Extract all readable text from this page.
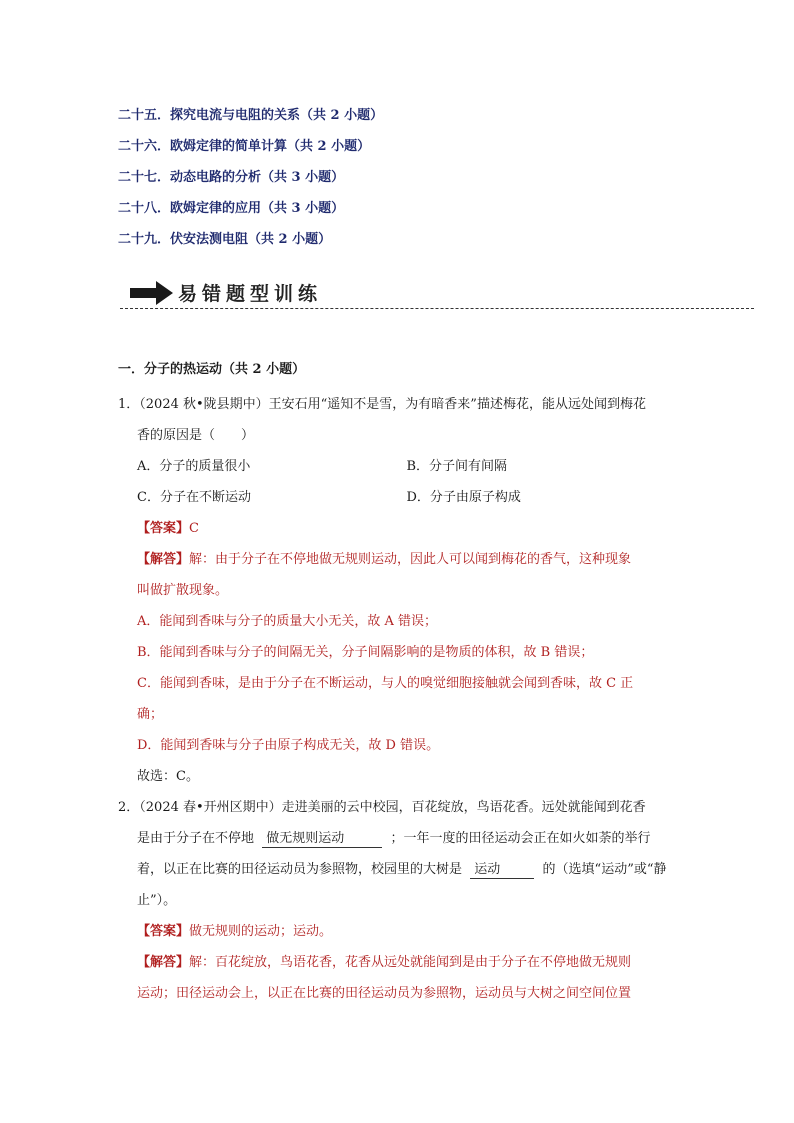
二十五．探究电流与电阻的关系（共 2 小题）
二十六．欧姆定律的简单计算（共 2 小题）
二十七．动态电路的分析（共 3 小题）
二十八．欧姆定律的应用（共 3 小题）
二十九．伏安法测电阻（共 2 小题）
易错题型训练
一．分子的热运动（共 2 小题）
1．（2024 秋•陇县期中）王安石用“遥知不是雪，为有暗香来”描述梅花，能从远处闻到梅花
香的原因是（　　）
A．分子的质量很小	B．分子间有间隔
C．分子在不断运动	D．分子由原子构成
【答案】C
【解答】解：由于分子在不停地做无规则运动，因此人可以闻到梅花的香气，这种现象
叫做扩散现象。
A．能闻到香味与分子的质量大小无关，故 A 错误；
B．能闻到香味与分子的间隔无关，分子间隔影响的是物质的体积，故 B 错误；
C．能闻到香味，是由于分子在不断运动，与人的嗅觉细胞接触就会闻到香味，故 C 正
确；
D．能闻到香味与分子由原子构成无关，故 D 错误。
故选：C。
2．（2024 春•开州区期中）走进美丽的云中校园，百花绽放，鸟语花香。远处就能闻到花香
是由于分子在不停地 做无规则运动	；一年一度的田径运动会正在如火如荼的举行
着，以正在比赛的田径运动员为参照物，校园里的大树是 运动	的（选填“运动”或“静
止”）。
【答案】做无规则的运动；运动。
【解答】解：百花绽放，鸟语花香，花香从远处就能闻到是由于分子在不停地做无规则
运动；田径运动会上，以正在比赛的田径运动员为参照物，运动员与大树之间空间位置
